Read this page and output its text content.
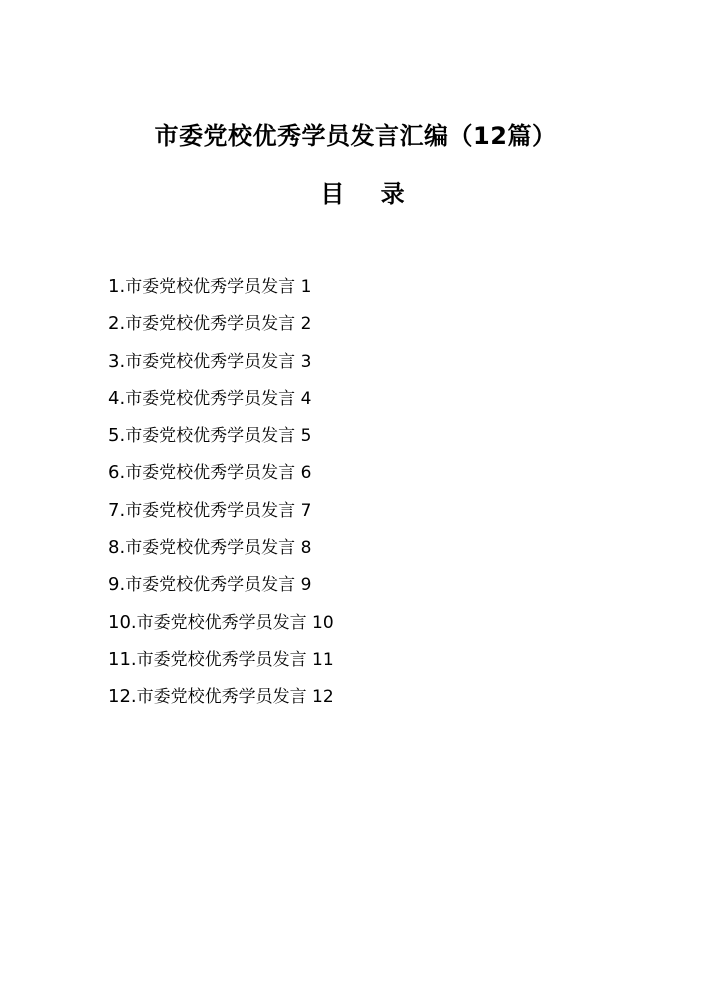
市委党校优秀学员发言汇编（12篇）
目 录
1.市委党校优秀学员发言 1
2.市委党校优秀学员发言 2
3.市委党校优秀学员发言 3
4.市委党校优秀学员发言 4
5.市委党校优秀学员发言 5
6.市委党校优秀学员发言 6
7.市委党校优秀学员发言 7
8.市委党校优秀学员发言 8
9.市委党校优秀学员发言 9
10.市委党校优秀学员发言 10
11.市委党校优秀学员发言 11
12.市委党校优秀学员发言 12
